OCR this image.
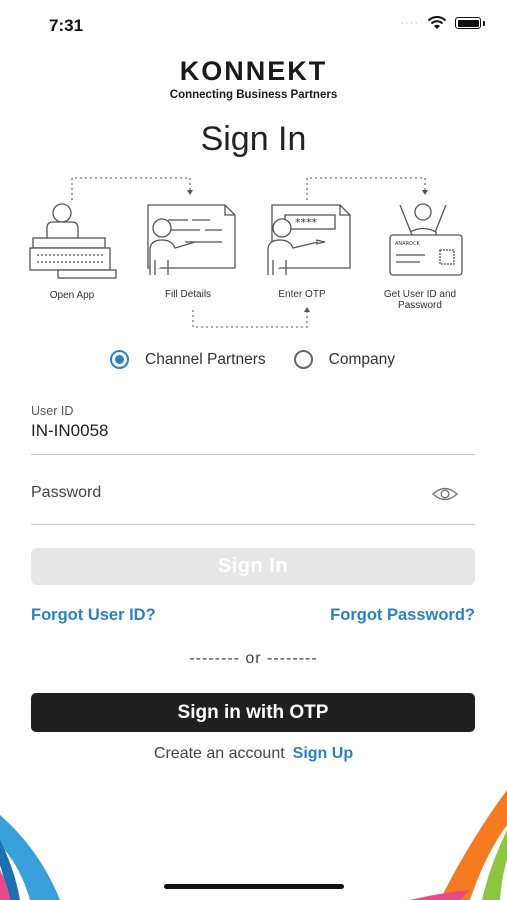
7:31	····
KONNEKT
Connecting Business Partners
Sign In
****
ANAROCK
Open App	Fill Details	Enter OTP	Get User ID and Password
Channel Partners	Company
User ID
IN-IN0058
Password
Sign In
Forgot User ID?	Forgot Password?
-------- or --------
Sign in with OTP
Create an account Sign Up
